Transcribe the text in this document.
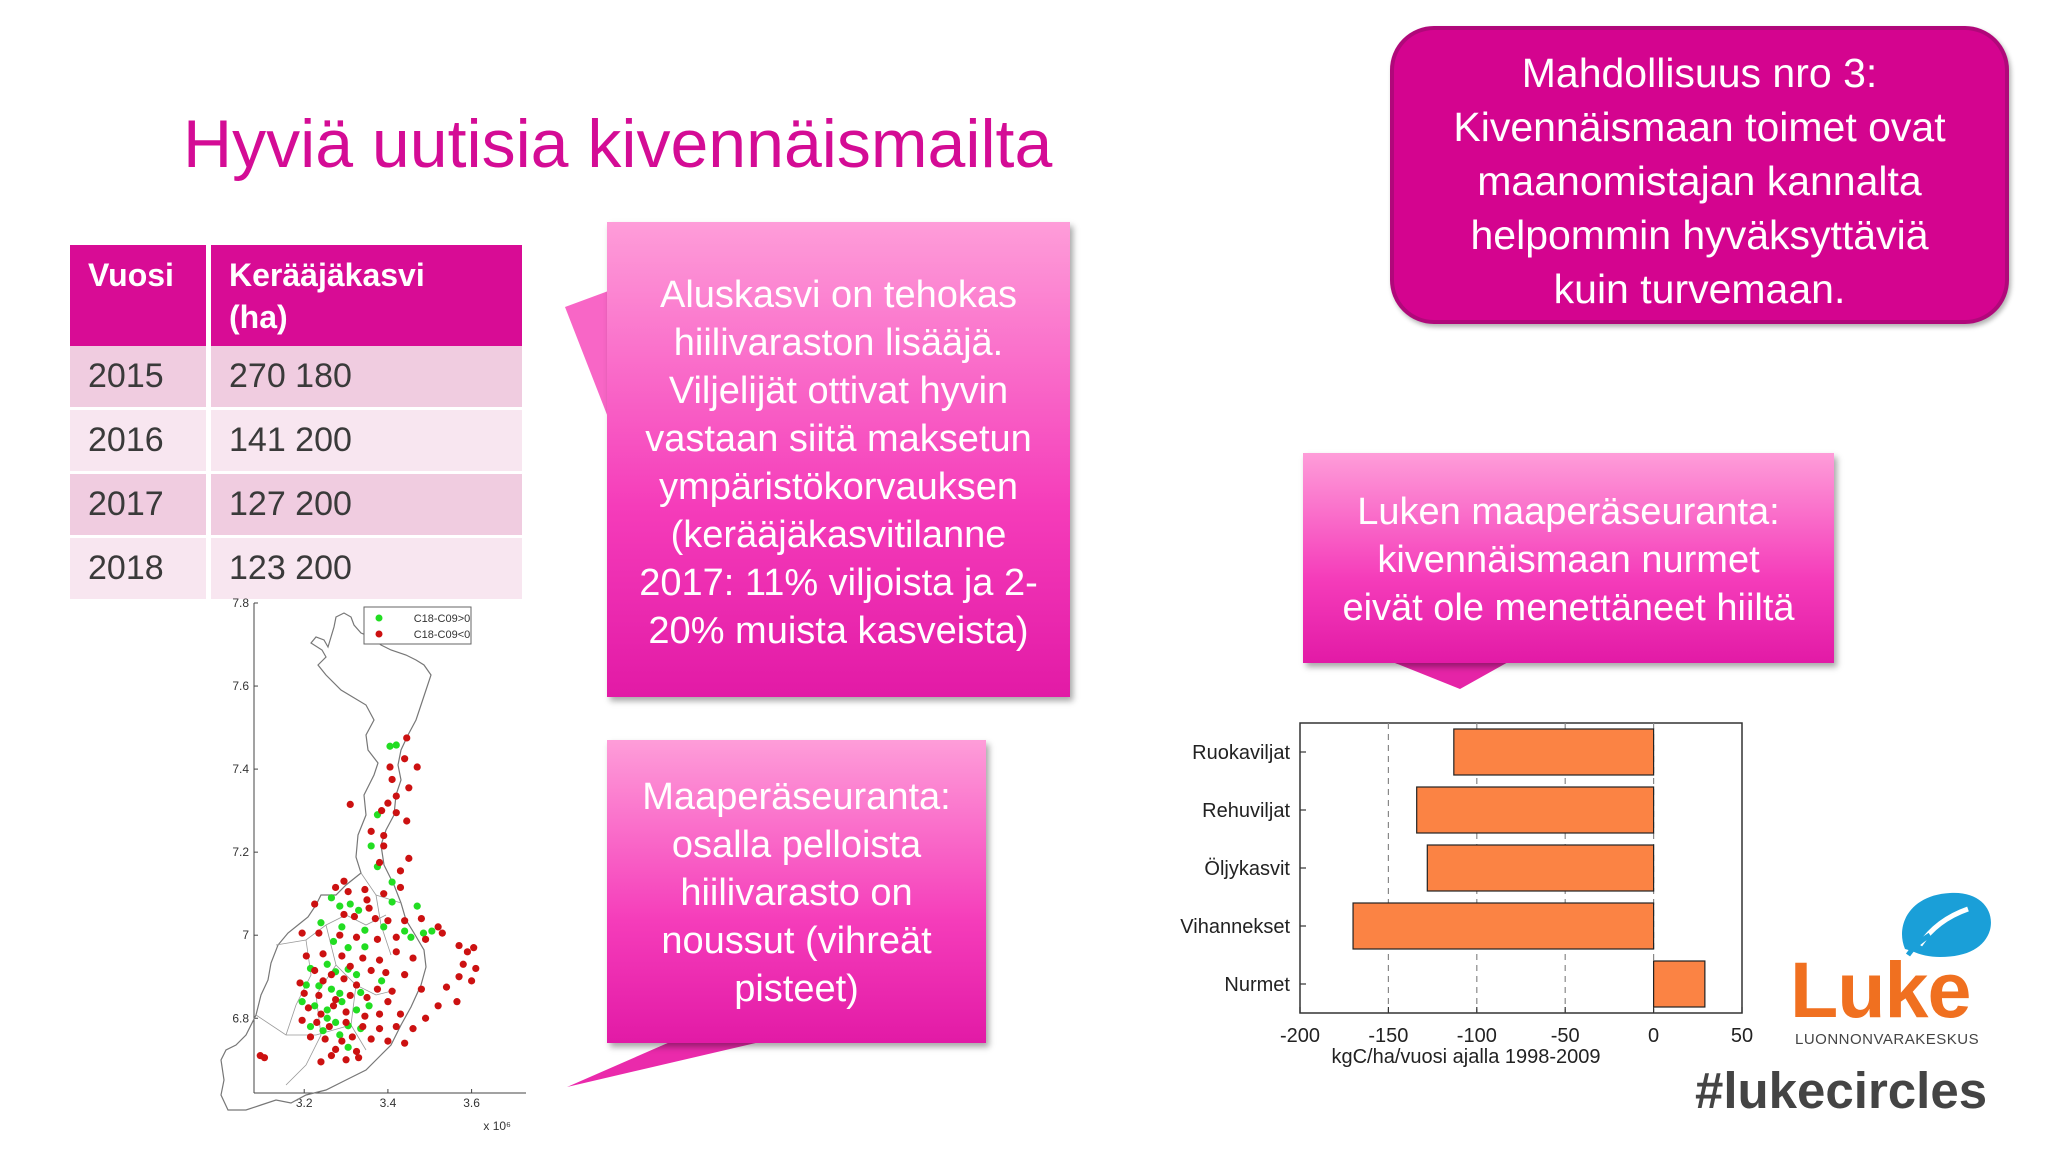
Hyviä uutisia kivennäismailta
Vuosi	Kerääjäkasvi (ha)

2015	270 180
2016	141 200
2017	127 200
2018	123 200
Aluskasvi on tehokas
hiilivaraston lisääjä.
Viljelijät ottivat hyvin
vastaan siitä maksetun
ympäristökorvauksen
(kerääjäkasvitilanne
2017: 11% viljoista ja 2-
20% muista kasveista)
Maaperäseuranta:
osalla pelloista
hiilivarasto on
noussut (vihreät
pisteet)
Luken maaperäseuranta:
kivennäismaan nurmet
eivät ole menettäneet hiiltä
Mahdollisuus nro 3:
Kivennäismaan toimet ovat
maanomistajan kannalta
helpommin hyväksyttäviä
kuin turvemaan.
6.8
7
7.2
7.4
7.6
7.8
3.2	3.4	3.6
C18-C09>0
C18-C09<0
x 10⁶
Ruokaviljat
Rehuviljat
Öljykasvit
Vihannekset
Nurmet
-200 -150 -100	-50	0	50
kgC/ha/vuosi ajalla 1998-2009
Luke
LUONNONVARAKESKUS
#lukecircles
